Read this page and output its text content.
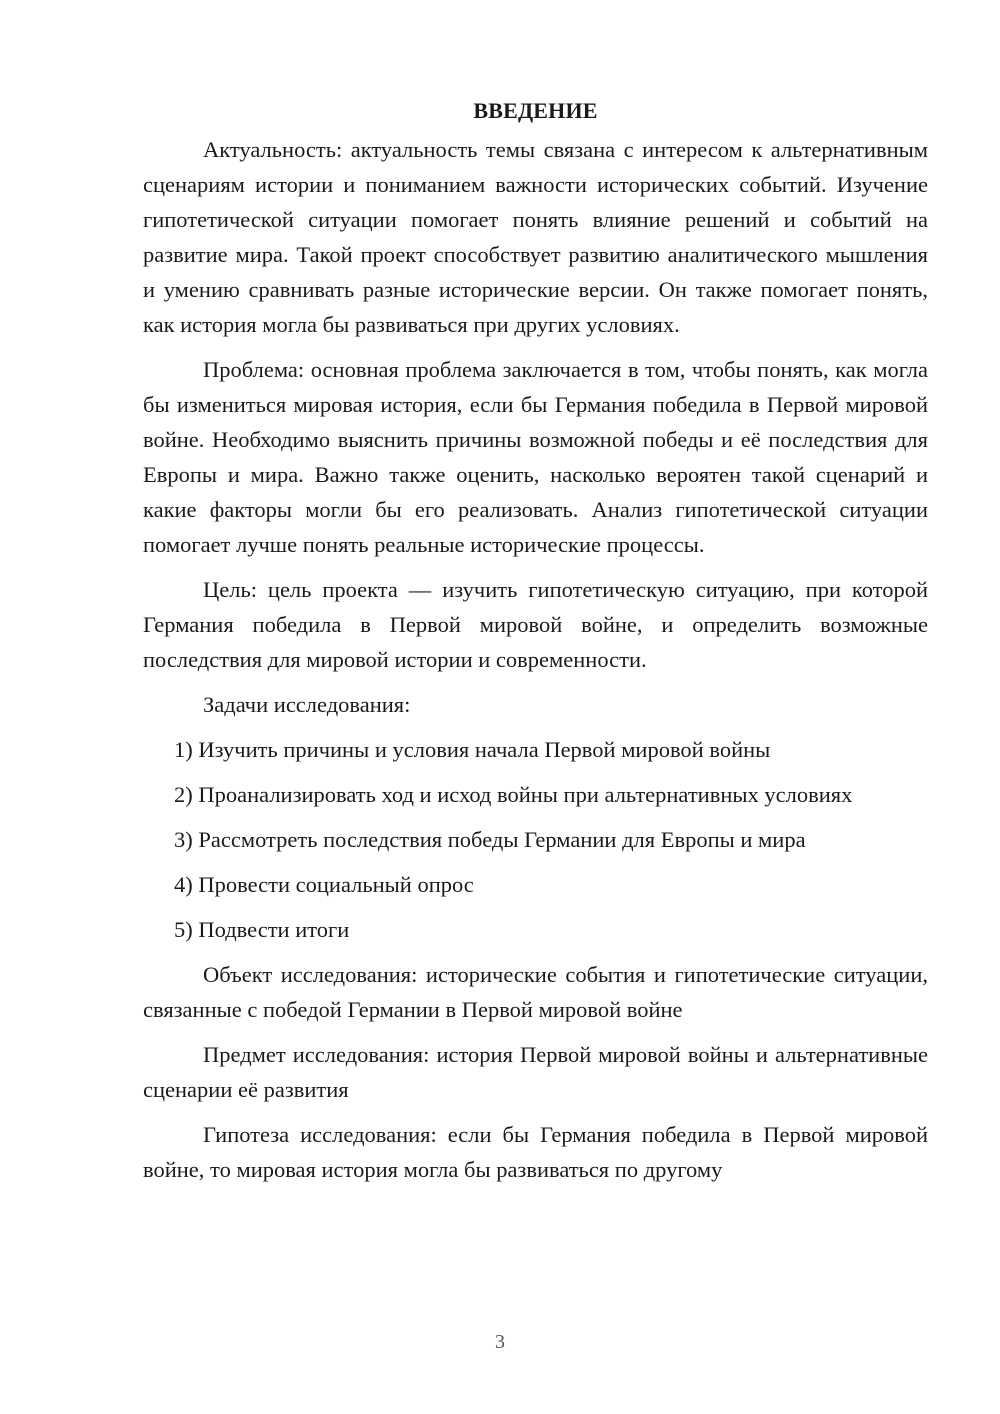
ВВЕДЕНИЕ

Актуальность: актуальность темы связана с интересом к альтернативным сценариям истории и пониманием важности исторических событий. Изучение гипотетической ситуации помогает понять влияние решений и событий на развитие мира. Такой проект способствует развитию аналитического мышления и умению сравнивать разные исторические версии. Он также помогает понять, как история могла бы развиваться при других условиях.

Проблема: основная проблема заключается в том, чтобы понять, как могла бы измениться мировая история, если бы Германия победила в Первой мировой войне. Необходимо выяснить причины возможной победы и её последствия для Европы и мира. Важно также оценить, насколько вероятен такой сценарий и какие факторы могли бы его реализовать. Анализ гипотетической ситуации помогает лучше понять реальные исторические процессы.

Цель: цель проекта — изучить гипотетическую ситуацию, при которой Германия победила в Первой мировой войне, и определить возможные последствия для мировой истории и современности.

Задачи исследования:

1) Изучить причины и условия начала Первой мировой войны

2) Проанализировать ход и исход войны при альтернативных условиях

3) Рассмотреть последствия победы Германии для Европы и мира

4) Провести социальный опрос

5) Подвести итоги

Объект исследования: исторические события и гипотетические ситуации, связанные с победой Германии в Первой мировой войне

Предмет исследования: история Первой мировой войны и альтернативные сценарии её развития

Гипотеза исследования: если бы Германия победила в Первой мировой войне, то мировая история могла бы развиваться по другому

3
